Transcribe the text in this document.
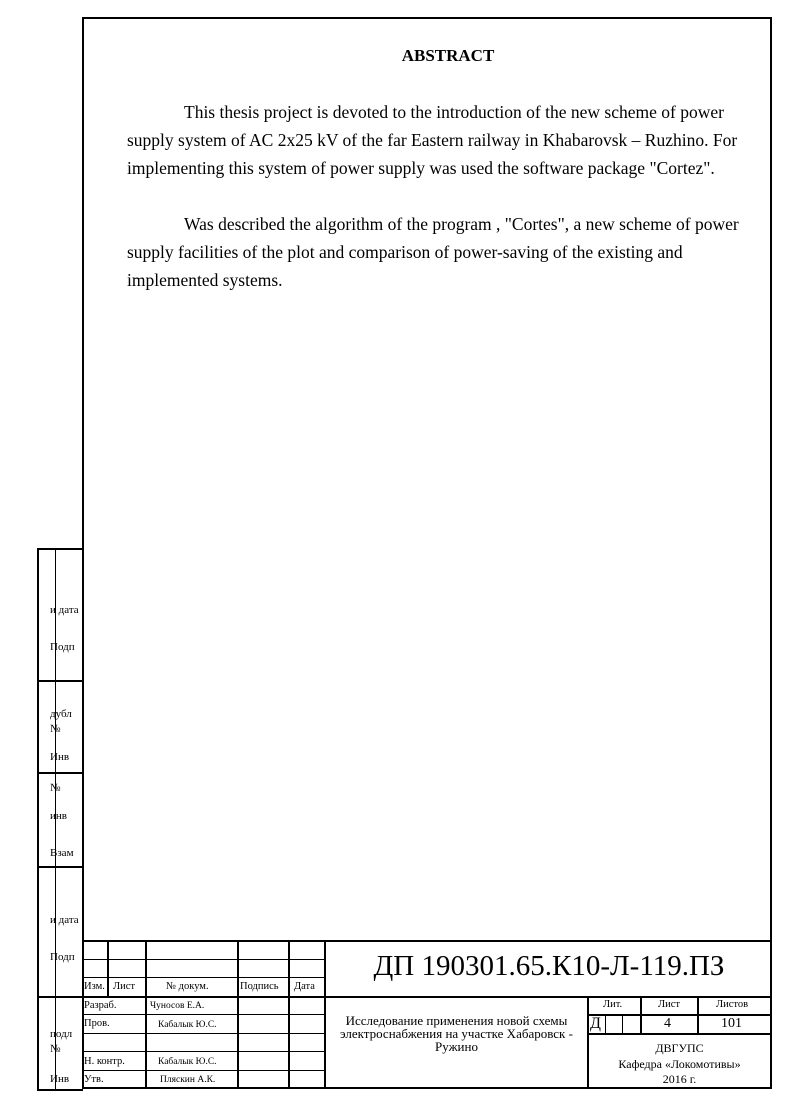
ABSTRACT
This thesis project is devoted to the introduction of the new scheme of power supply system of AC 2x25 kV of the far Eastern railway in Khabarovsk – Ruzhino. For implementing this system of power supply was used the software package "Cortez".
Was described the algorithm of the program , "Cortes", a new scheme of power supply facilities of the plot and comparison of power-saving of the existing and implemented systems.
и дата
Подп
дубл
№
Инв
№
инв
Взам
и дата
Подп
подл
№
Инв
ДП 190301.65.К10-Л-119.ПЗ
Изм. Лист	№ докум.	Подпись Дата
Разраб.	Чуносов Е.А.
Пров.	Кабалык Ю.С.
Н. контр.	Кабалык Ю.С.
Утв.	Пляскин А.К.
Исследование применения новой схемы электроснабжения на участке Хабаровск - Ружино
Лит.	Лист	Листов
Д	4	101
ДВГУПС
Кафедра «Локомотивы»
2016 г.
